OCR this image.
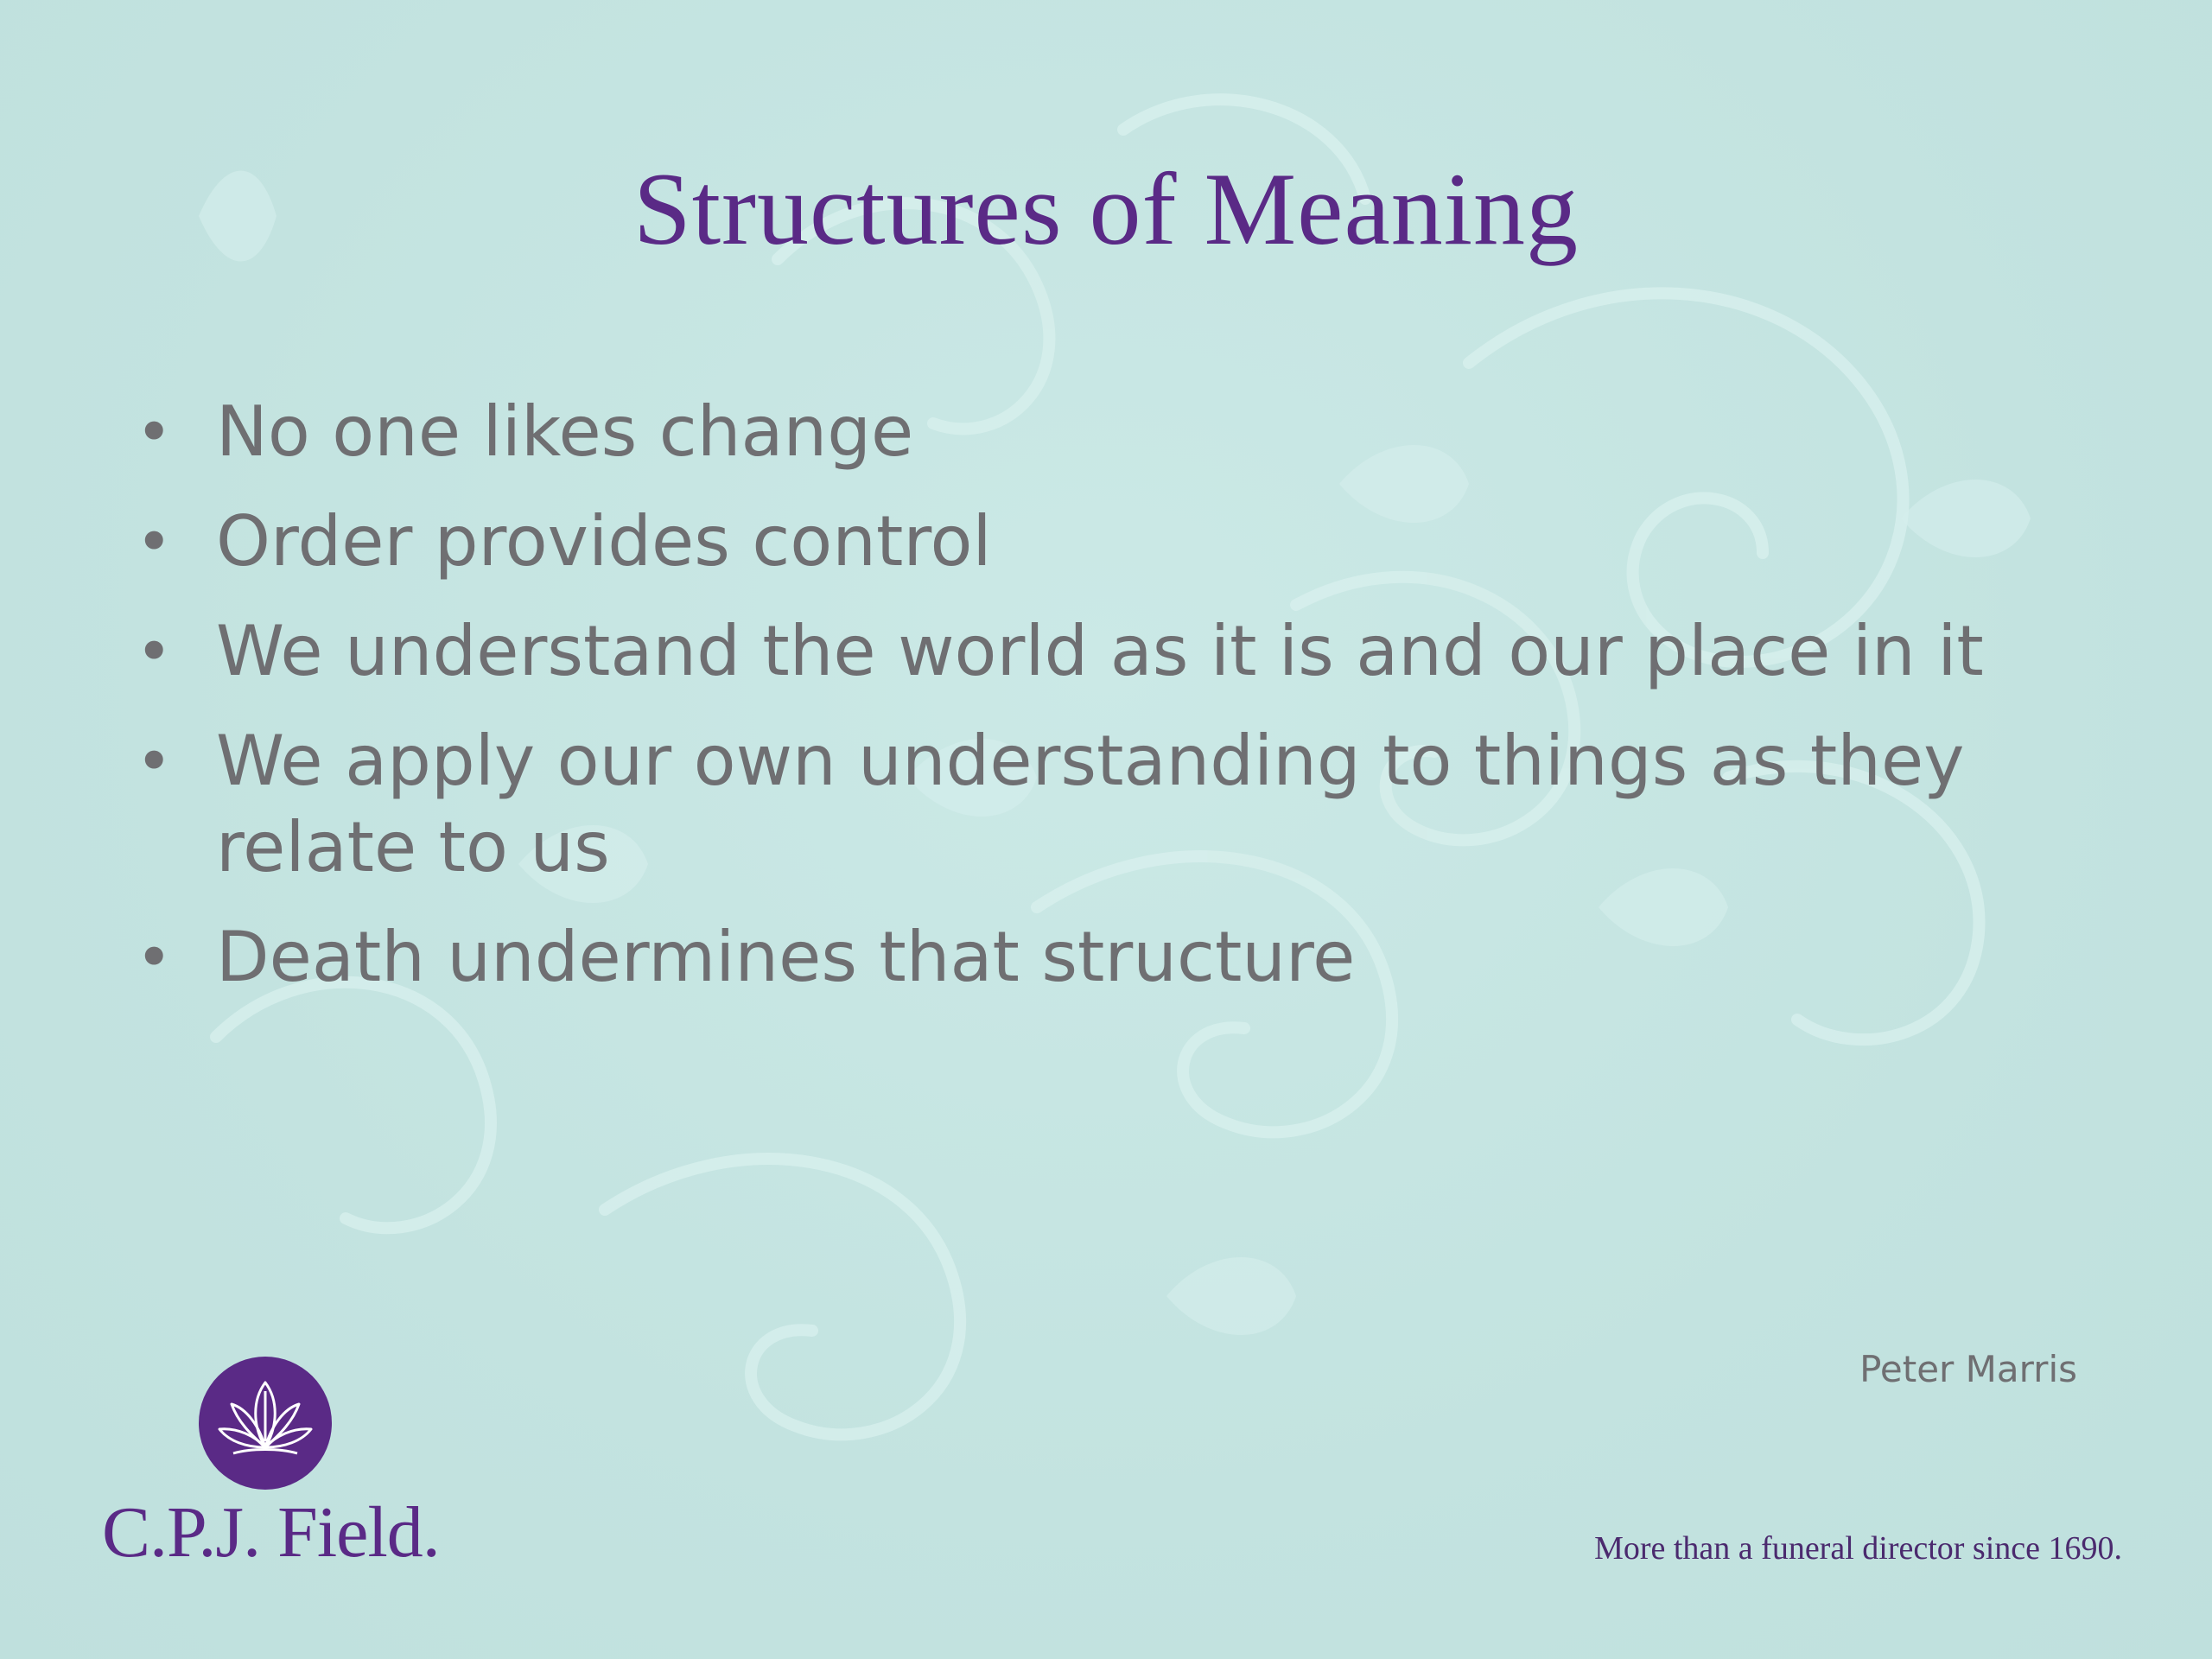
Structures of Meaning
• No one likes change
• Order provides control
• We understand the world as it is and our place in it
• We apply our own understanding to things as they relate to us
• Death undermines that structure
Peter Marris
C.P.J. Field.	More than a funeral director since 1690.
